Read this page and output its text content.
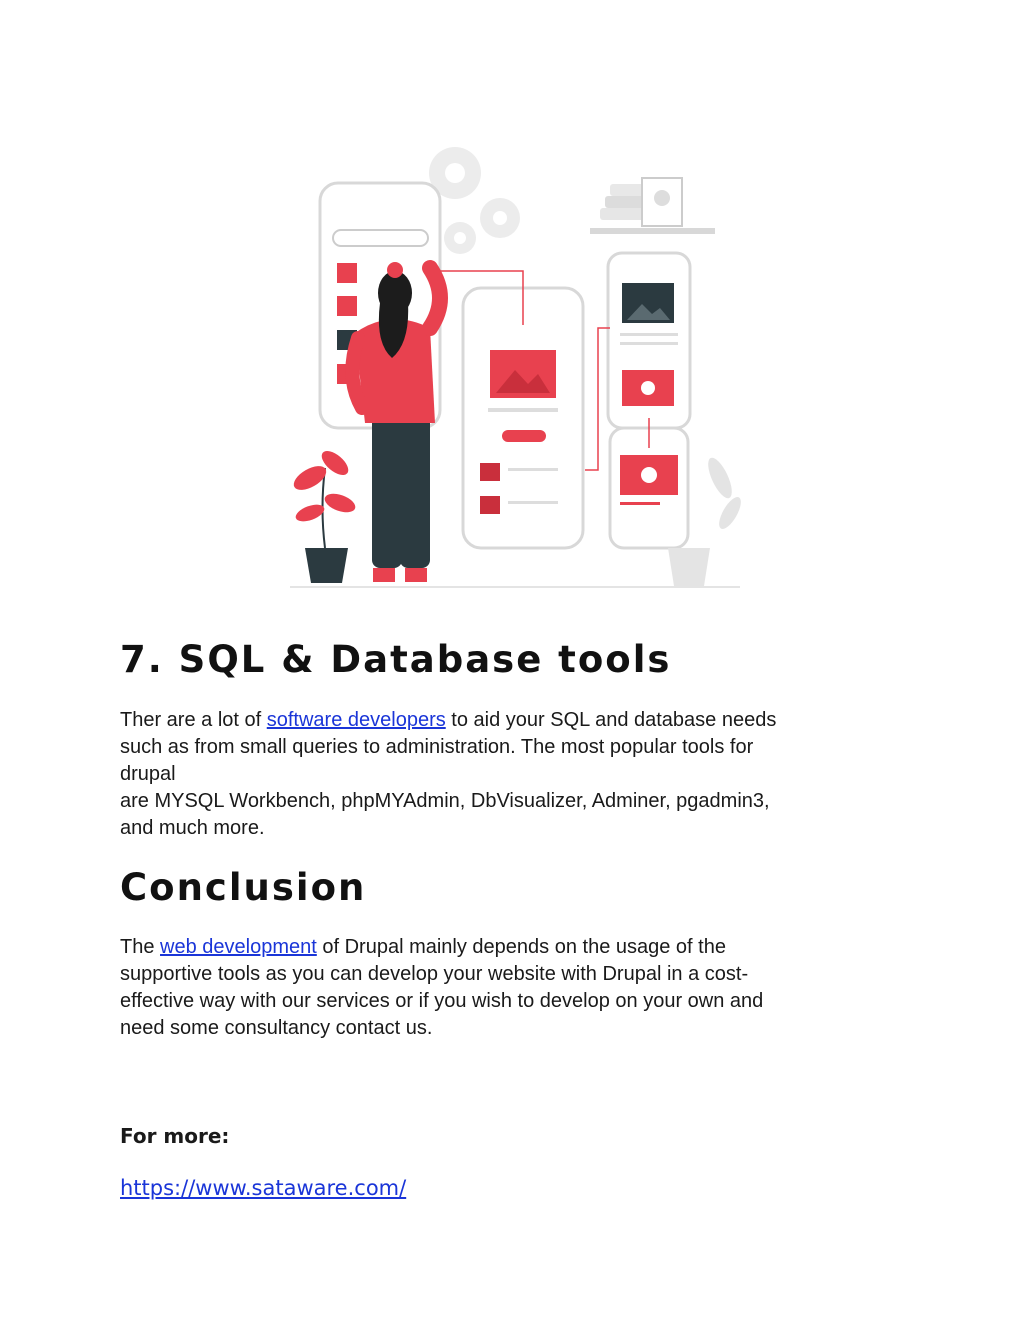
7. SQL & Database tools
Ther are a lot of software developers to aid your SQL and database needs
such as from small queries to administration. The most popular tools for
drupal
are MYSQL Workbench, phpMYAdmin, DbVisualizer, Adminer, pgadmin3,
and much more.
Conclusion
The web development of Drupal mainly depends on the usage of the
supportive tools as you can develop your website with Drupal in a cost-
effective way with our services or if you wish to develop on your own and
need some consultancy contact us.
For more:
https://www.sataware.com/
